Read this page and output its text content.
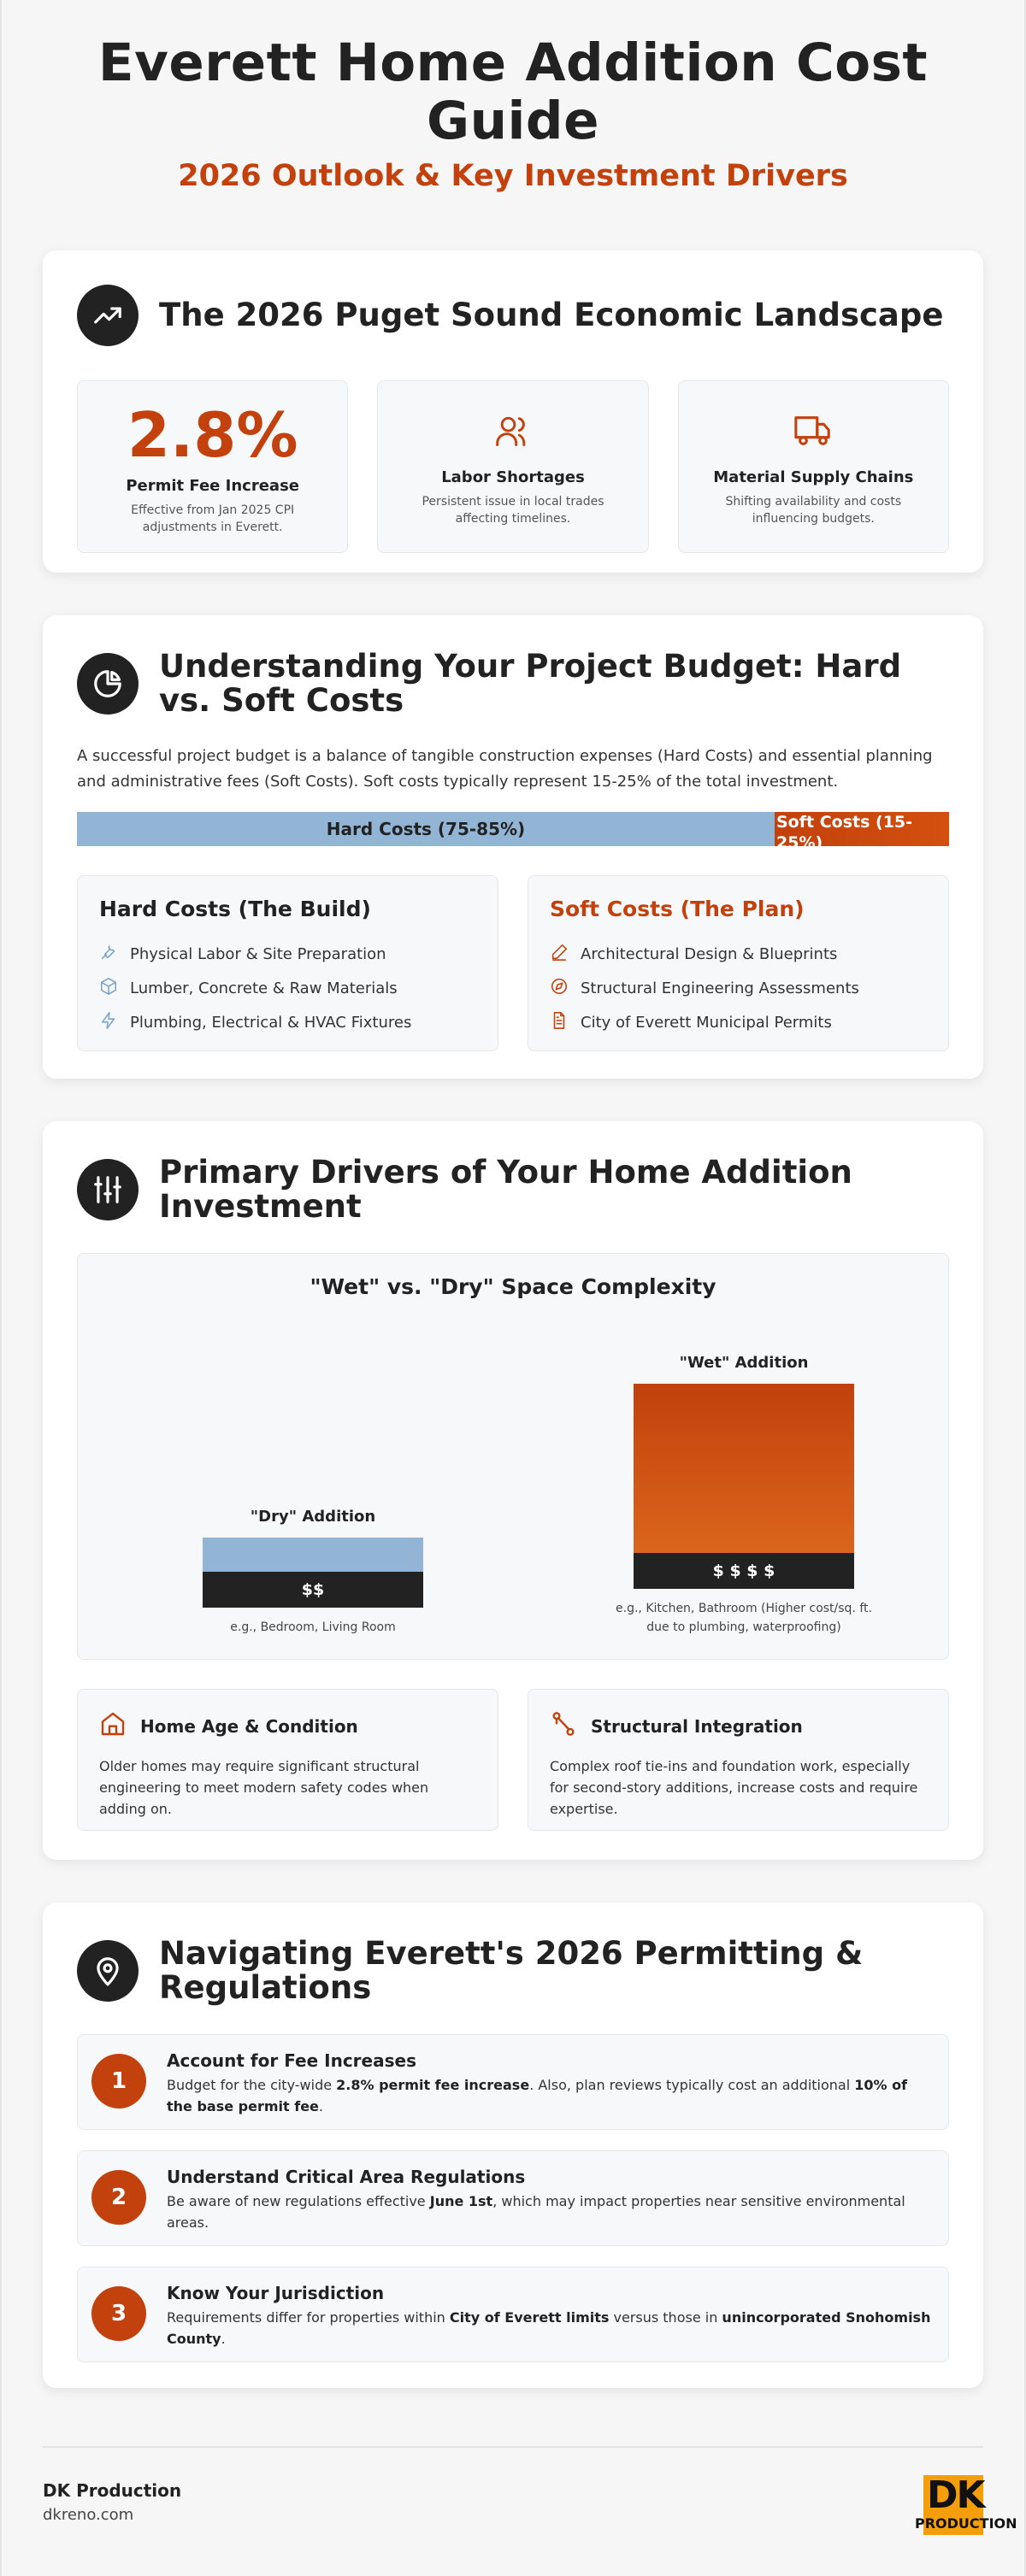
Everett Home Addition Cost Guide
2026 Outlook & Key Investment Drivers
The 2026 Puget Sound Economic Landscape
2.8%
Permit Fee Increase
Effective from Jan 2025 CPI adjustments in Everett.
Labor Shortages
Persistent issue in local trades affecting timelines.
Material Supply Chains
Shifting availability and costs influencing budgets.
Understanding Your Project Budget: Hard vs. Soft Costs

A successful project budget is a balance of tangible construction expenses (Hard Costs) and essential planning and administrative fees (Soft Costs). Soft costs typically represent 15-25% of the total investment.

Hard Costs (75-85%)	Soft Costs (15-25%)
Hard Costs (The Build)
Physical Labor & Site Preparation
Lumber, Concrete & Raw Materials
Plumbing, Electrical & HVAC Fixtures
Soft Costs (The Plan)
Architectural Design & Blueprints
Structural Engineering Assessments
City of Everett Municipal Permits
Primary Drivers of Your Home Addition Investment
"Wet" vs. "Dry" Space Complexity
"Dry" Addition
$$
e.g., Bedroom, Living Room
"Wet" Addition
$ $ $ $
e.g., Kitchen, Bathroom (Higher cost/sq. ft. due to plumbing, waterproofing)
Home Age & Condition

Older homes may require significant structural engineering to meet modern safety codes when adding on.

Structural Integration

Complex roof tie-ins and foundation work, especially for second-story additions, increase costs and require expertise.

Navigating Everett's 2026 Permitting & Regulations
1
Account for Fee Increases

Budget for the city-wide 2.8% permit fee increase. Also, plan reviews typically cost an additional 10% of the base permit fee.

2
Understand Critical Area Regulations

Be aware of new regulations effective June 1st, which may impact properties near sensitive environmental areas.

3
Know Your Jurisdiction

Requirements differ for properties within City of Everett limits versus those in unincorporated Snohomish County.

DK Production
dkreno.com	DK
PRODUCTION
